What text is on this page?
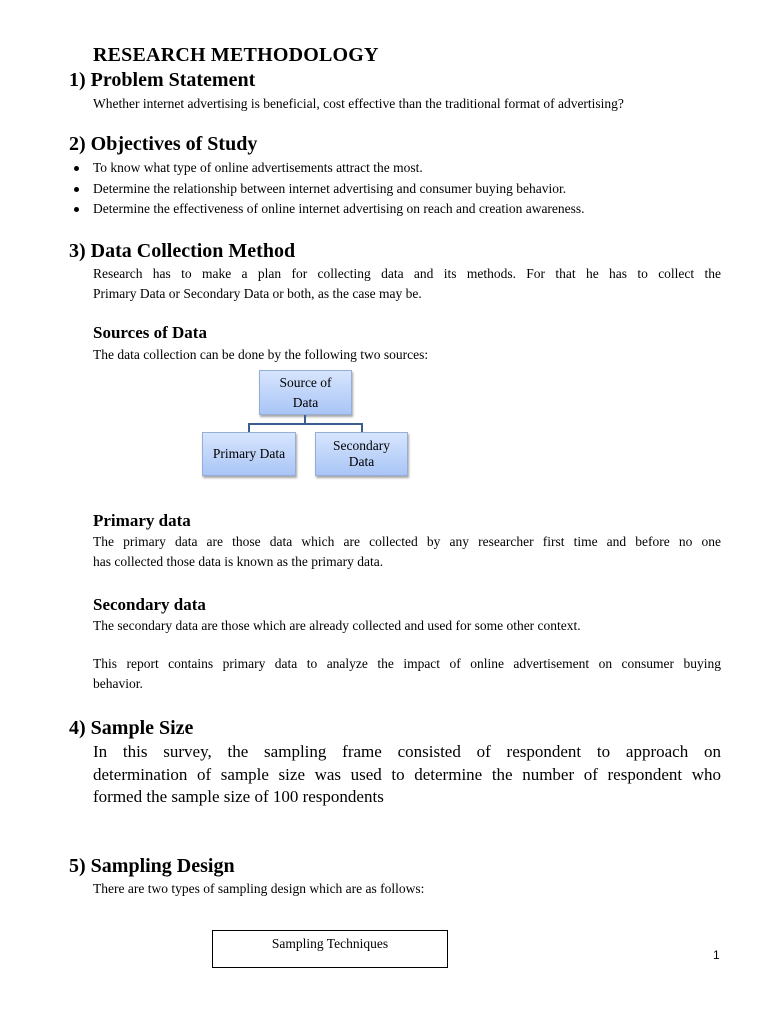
RESEARCH METHODOLOGY
1) Problem Statement
Whether internet advertising is beneficial, cost effective than the traditional format of advertising?
2) Objectives of Study
To know what type of online advertisements attract the most.
Determine the relationship between internet advertising and consumer buying behavior.
Determine the effectiveness of online internet advertising on reach and creation awareness.
3) Data Collection Method
Research has to make a plan for collecting data and its methods. For that he has to collect the
Primary Data or Secondary Data or both, as the case may be.
Sources of Data
The data collection can be done by the following two sources:
Source of Data
Primary Data
Secondary Data
Primary data
The primary data are those data which are collected by any researcher first time and before no one
has collected those data is known as the primary data.
Secondary data
The secondary data are those which are already collected and used for some other context.
This report contains primary data to analyze the impact of online advertisement on consumer buying
behavior.
4) Sample Size
In this survey, the sampling frame consisted of respondent to approach on
determination of sample size was used to determine the number of respondent who
formed the sample size of 100 respondents
5) Sampling Design
There are two types of sampling design which are as follows:
Sampling Techniques
1
